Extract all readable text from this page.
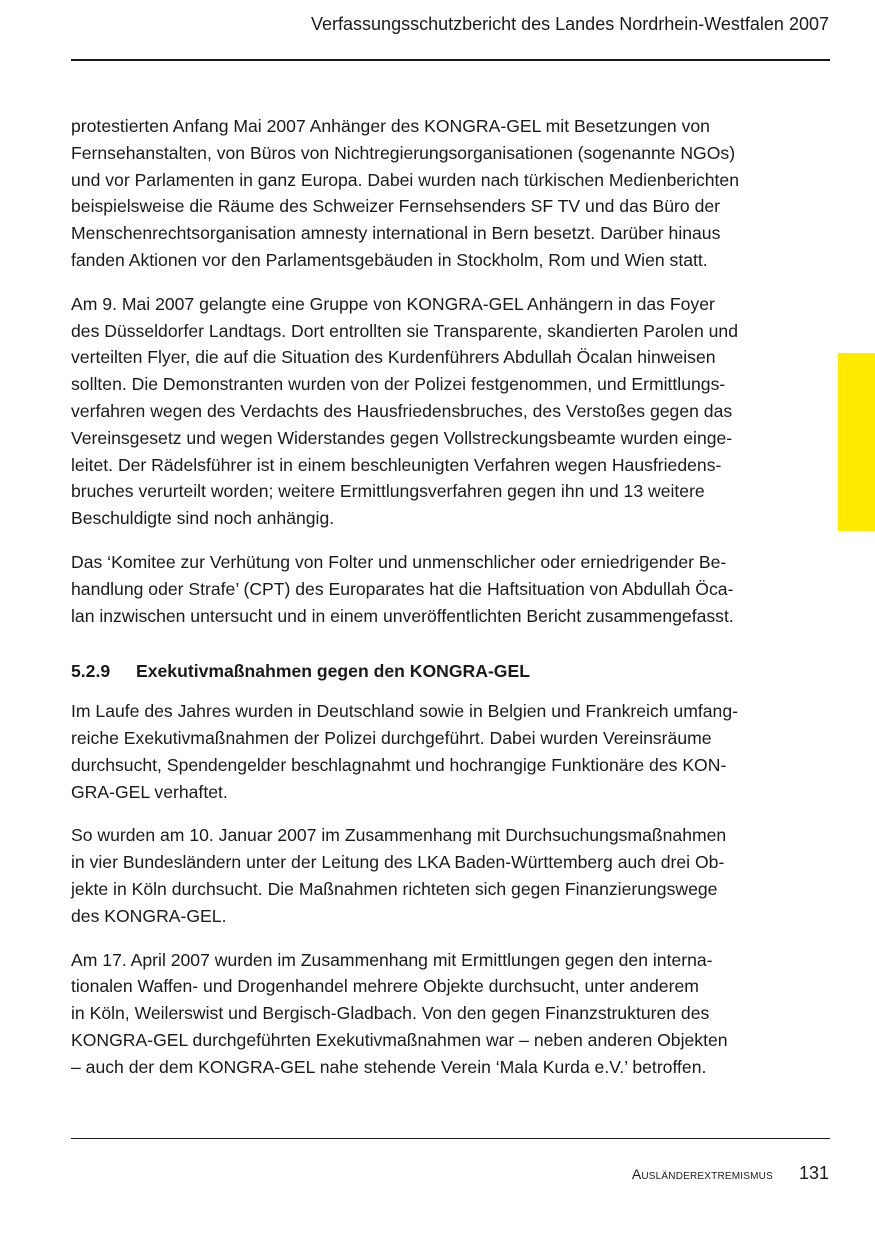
Verfassungsschutzbericht des Landes Nordrhein-Westfalen 2007

protestierten Anfang Mai 2007 Anhänger des KONGRA-GEL mit Besetzungen von
Fernsehanstalten, von Büros von Nichtregierungsorganisationen (sogenannte NGOs)
und vor Parlamenten in ganz Europa. Dabei wurden nach türkischen Medienberichten
beispielsweise die Räume des Schweizer Fernsehsenders SF TV und das Büro der
Menschenrechtsorganisation amnesty international in Bern besetzt. Darüber hinaus
fanden Aktionen vor den Parlamentsgebäuden in Stockholm, Rom und Wien statt.

Am 9. Mai 2007 gelangte eine Gruppe von KONGRA-GEL Anhängern in das Foyer
des Düsseldorfer Landtags. Dort entrollten sie Transparente, skandierten Parolen und
verteilten Flyer, die auf die Situation des Kurdenführers Abdullah Öcalan hinweisen
sollten. Die Demonstranten wurden von der Polizei festgenommen, und Ermittlungs-
verfahren wegen des Verdachts des Hausfriedensbruches, des Verstoßes gegen das
Vereinsgesetz und wegen Widerstandes gegen Vollstreckungsbeamte wurden einge-
leitet. Der Rädelsführer ist in einem beschleunigten Verfahren wegen Hausfriedens-
bruches verurteilt worden; weitere Ermittlungsverfahren gegen ihn und 13 weitere
Beschuldigte sind noch anhängig.

Das ‘Komitee zur Verhütung von Folter und unmenschlicher oder erniedrigender Be-
handlung oder Strafe’ (CPT) des Europarates hat die Haftsituation von Abdullah Öca-
lan inzwischen untersucht und in einem unveröffentlichten Bericht zusammengefasst.

5.2.9	Exekutivmaßnahmen gegen den KONGRA-GEL

Im Laufe des Jahres wurden in Deutschland sowie in Belgien und Frankreich umfang-
reiche Exekutivmaßnahmen der Polizei durchgeführt. Dabei wurden Vereinsräume
durchsucht, Spendengelder beschlagnahmt und hochrangige Funktionäre des KON-
GRA-GEL verhaftet.

So wurden am 10. Januar 2007 im Zusammenhang mit Durchsuchungsmaßnahmen
in vier Bundesländern unter der Leitung des LKA Baden-Württemberg auch drei Ob-
jekte in Köln durchsucht. Die Maßnahmen richteten sich gegen Finanzierungswege
des KONGRA-GEL.

Am 17. April 2007 wurden im Zusammenhang mit Ermittlungen gegen den interna-
tionalen Waffen- und Drogenhandel mehrere Objekte durchsucht, unter anderem
in Köln, Weilerswist und Bergisch-Gladbach. Von den gegen Finanzstrukturen des
KONGRA-GEL durchgeführten Exekutivmaßnahmen war – neben anderen Objekten
– auch der dem KONGRA-GEL nahe stehende Verein ‘Mala Kurda e.V.’ betroffen.

Ausländerextremismus 131
